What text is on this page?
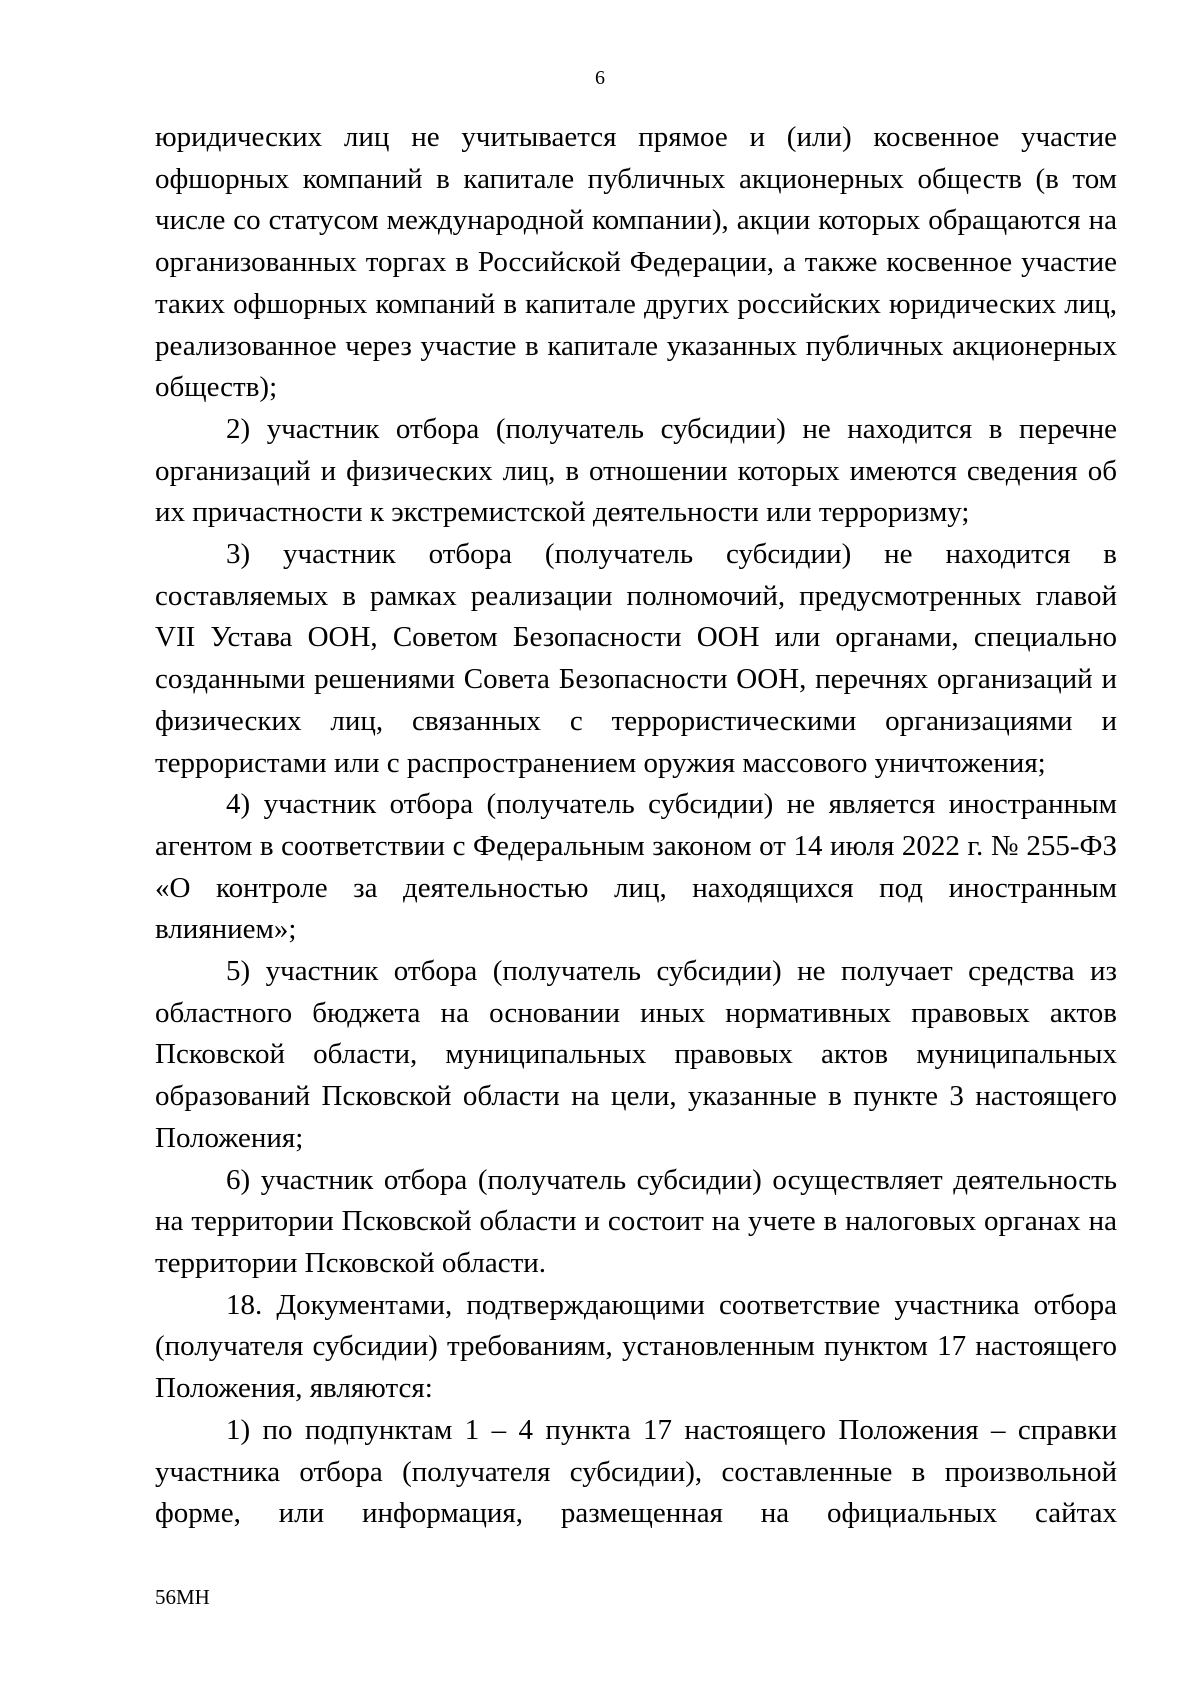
6

юридических лиц не учитывается прямое и (или) косвенное участие офшорных компаний в капитале публичных акционерных обществ (в том числе со статусом международной компании), акции которых обращаются на организованных торгах в Российской Федерации, а также косвенное участие таких офшорных компаний в капитале других российских юридических лиц, реализованное через участие в капитале указанных публичных акционерных обществ);

2) участник отбора (получатель субсидии) не находится в перечне организаций и физических лиц, в отношении которых имеются сведения об их причастности к экстремистской деятельности или терроризму;

3) участник отбора (получатель субсидии) не находится в составляемых в рамках реализации полномочий, предусмотренных главой VII Устава ООН, Советом Безопасности ООН или органами, специально созданными решениями Совета Безопасности ООН, перечнях организаций и физических лиц, связанных с террористическими организациями и террористами или с распространением оружия массового уничтожения;

4) участник отбора (получатель субсидии) не является иностранным агентом в соответствии с Федеральным законом от 14 июля 2022 г. № 255-ФЗ «О контроле за деятельностью лиц, находящихся под иностранным влиянием»;

5) участник отбора (получатель субсидии) не получает средства из областного бюджета на основании иных нормативных правовых актов Псковской области, муниципальных правовых актов муниципальных образований Псковской области на цели, указанные в пункте 3 настоящего Положения;

6) участник отбора (получатель субсидии) осуществляет деятельность на территории Псковской области и состоит на учете в налоговых органах на территории Псковской области.

18. Документами, подтверждающими соответствие участника отбора (получателя субсидии) требованиям, установленным пунктом 17 настоящего Положения, являются:

1) по подпунктам 1 – 4 пункта 17 настоящего Положения – справки участника отбора (получателя субсидии), составленные в произвольной форме, или информация, размещенная на официальных сайтах

56МН
